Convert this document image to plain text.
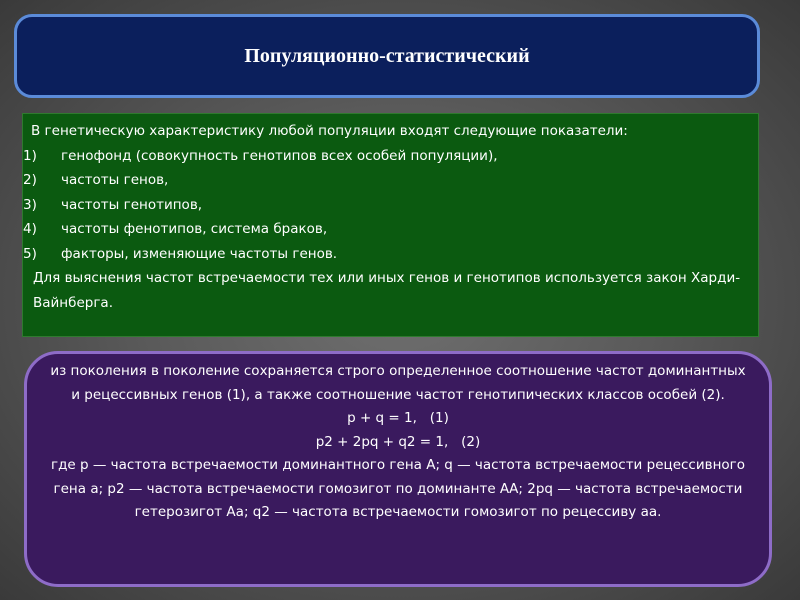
Популяционно-статистический

В генетическую характеристику любой популяции входят следующие показатели:

1)	генофонд (совокупность генотипов всех особей популяции),
2)	частоты генов,
3)	частоты генотипов,
4)	частоты фенотипов, система браков,
5)	факторы, изменяющие частоты генов.

Для выяснения частот встречаемости тех или иных генов и генотипов используется закон Харди-Вайнберга.

из поколения в поколение сохраняется строго определенное соотношение частот доминантных и рецессивных генов (1), а также соотношение частот генотипических классов особей (2).

p + q = 1,   (1)

p2 + 2pq + q2 = 1,   (2)

где р — частота встречаемости доминантного гена А; q — частота встречаемости рецессивного гена а; р2 — частота встречаемости гомозигот по доминанте АА; 2pq — частота встречаемости гетерозигот Аа; q2 — частота встречаемости гомозигот по рецессиву аа.
